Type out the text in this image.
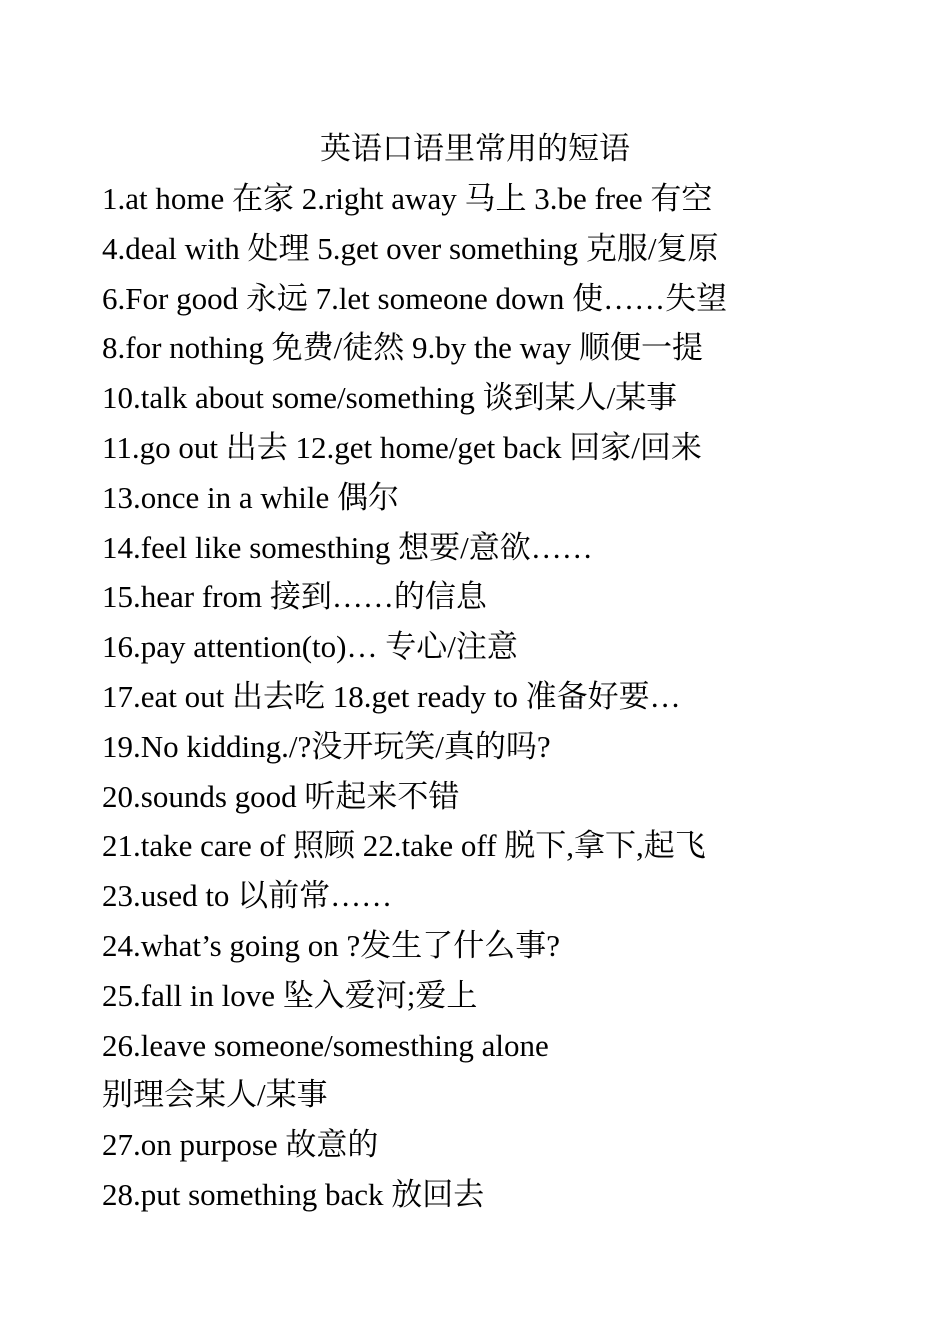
英语口语里常用的短语
1.at home 在家 2.right away 马上 3.be free 有空
4.deal with 处理 5.get over something 克服/复原
6.For good 永远 7.let someone down 使……失望
8.for nothing 免费/徒然 9.by the way 顺便一提
10.talk about some/something 谈到某人/某事
11.go out 出去 12.get home/get back 回家/回来
13.once in a while 偶尔
14.feel like somesthing 想要/意欲……
15.hear from 接到……的信息
16.pay attention(to)… 专心/注意
17.eat out 出去吃 18.get ready to 准备好要…
19.No kidding./?没开玩笑/真的吗?
20.sounds good 听起来不错
21.take care of 照顾 22.take off 脱下,拿下,起飞
23.used to 以前常……
24.what’s going on ?发生了什么事?
25.fall in love 坠入爱河;爱上
26.leave someone/somesthing alone
别理会某人/某事
27.on purpose 故意的
28.put something back 放回去
